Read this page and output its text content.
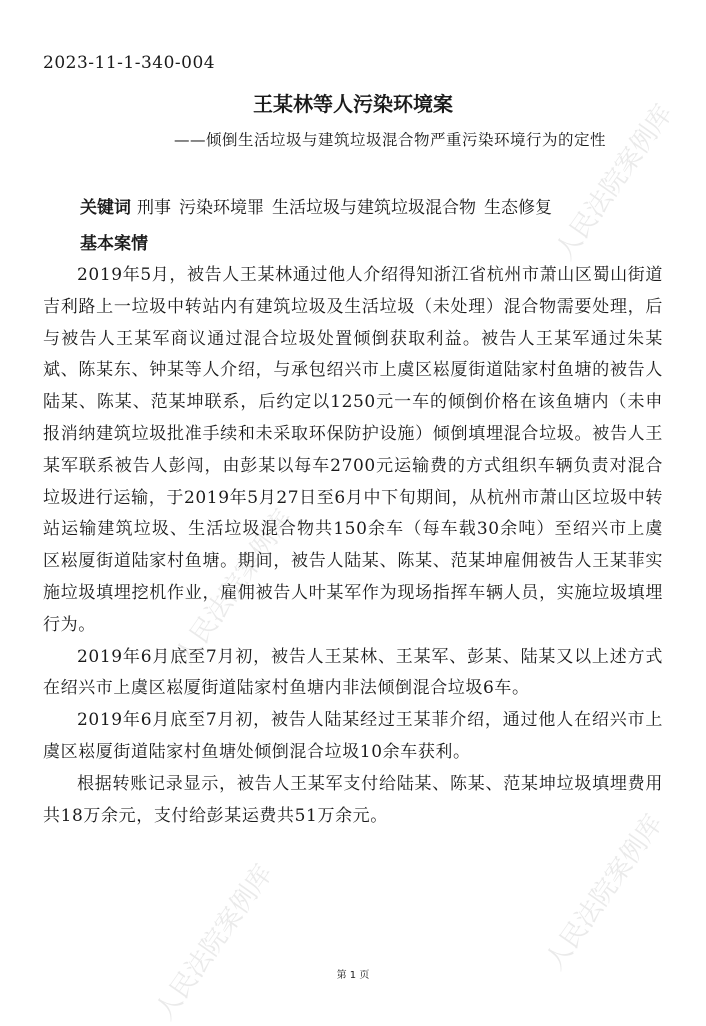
人民法院案例库
人民法院案例库
人民法院案例库
人民法院案例库
2023-11-1-340-004
王某林等人污染环境案
——倾倒生活垃圾与建筑垃圾混合物严重污染环境行为的定性
关键词 刑事 污染环境罪 生活垃圾与建筑垃圾混合物 生态修复
基本案情

2019年5月，被告人王某林通过他人介绍得知浙江省杭州市萧山区蜀山街道吉利路上一垃圾中转站内有建筑垃圾及生活垃圾（未处理）混合物需要处理，后与被告人王某军商议通过混合垃圾处置倾倒获取利益。被告人王某军通过朱某斌、陈某东、钟某等人介绍，与承包绍兴市上虞区崧厦街道陆家村鱼塘的被告人陆某、陈某、范某坤联系，后约定以1250元一车的倾倒价格在该鱼塘内（未申报消纳建筑垃圾批准手续和未采取环保防护设施）倾倒填埋混合垃圾。被告人王某军联系被告人彭闯，由彭某以每车2700元运输费的方式组织车辆负责对混合垃圾进行运输，于2019年5月27日至6月中下旬期间，从杭州市萧山区垃圾中转站运输建筑垃圾、生活垃圾混合物共150余车（每车载30余吨）至绍兴市上虞区崧厦街道陆家村鱼塘。期间，被告人陆某、陈某、范某坤雇佣被告人王某菲实施垃圾填埋挖机作业，雇佣被告人叶某军作为现场指挥车辆人员，实施垃圾填埋行为。

2019年6月底至7月初，被告人王某林、王某军、彭某、陆某又以上述方式在绍兴市上虞区崧厦街道陆家村鱼塘内非法倾倒混合垃圾6车。

2019年6月底至7月初，被告人陆某经过王某菲介绍，通过他人在绍兴市上虞区崧厦街道陆家村鱼塘处倾倒混合垃圾10余车获利。

根据转账记录显示，被告人王某军支付给陆某、陈某、范某坤垃圾填埋费用共18万余元，支付给彭某运费共51万余元。

第 1 页
